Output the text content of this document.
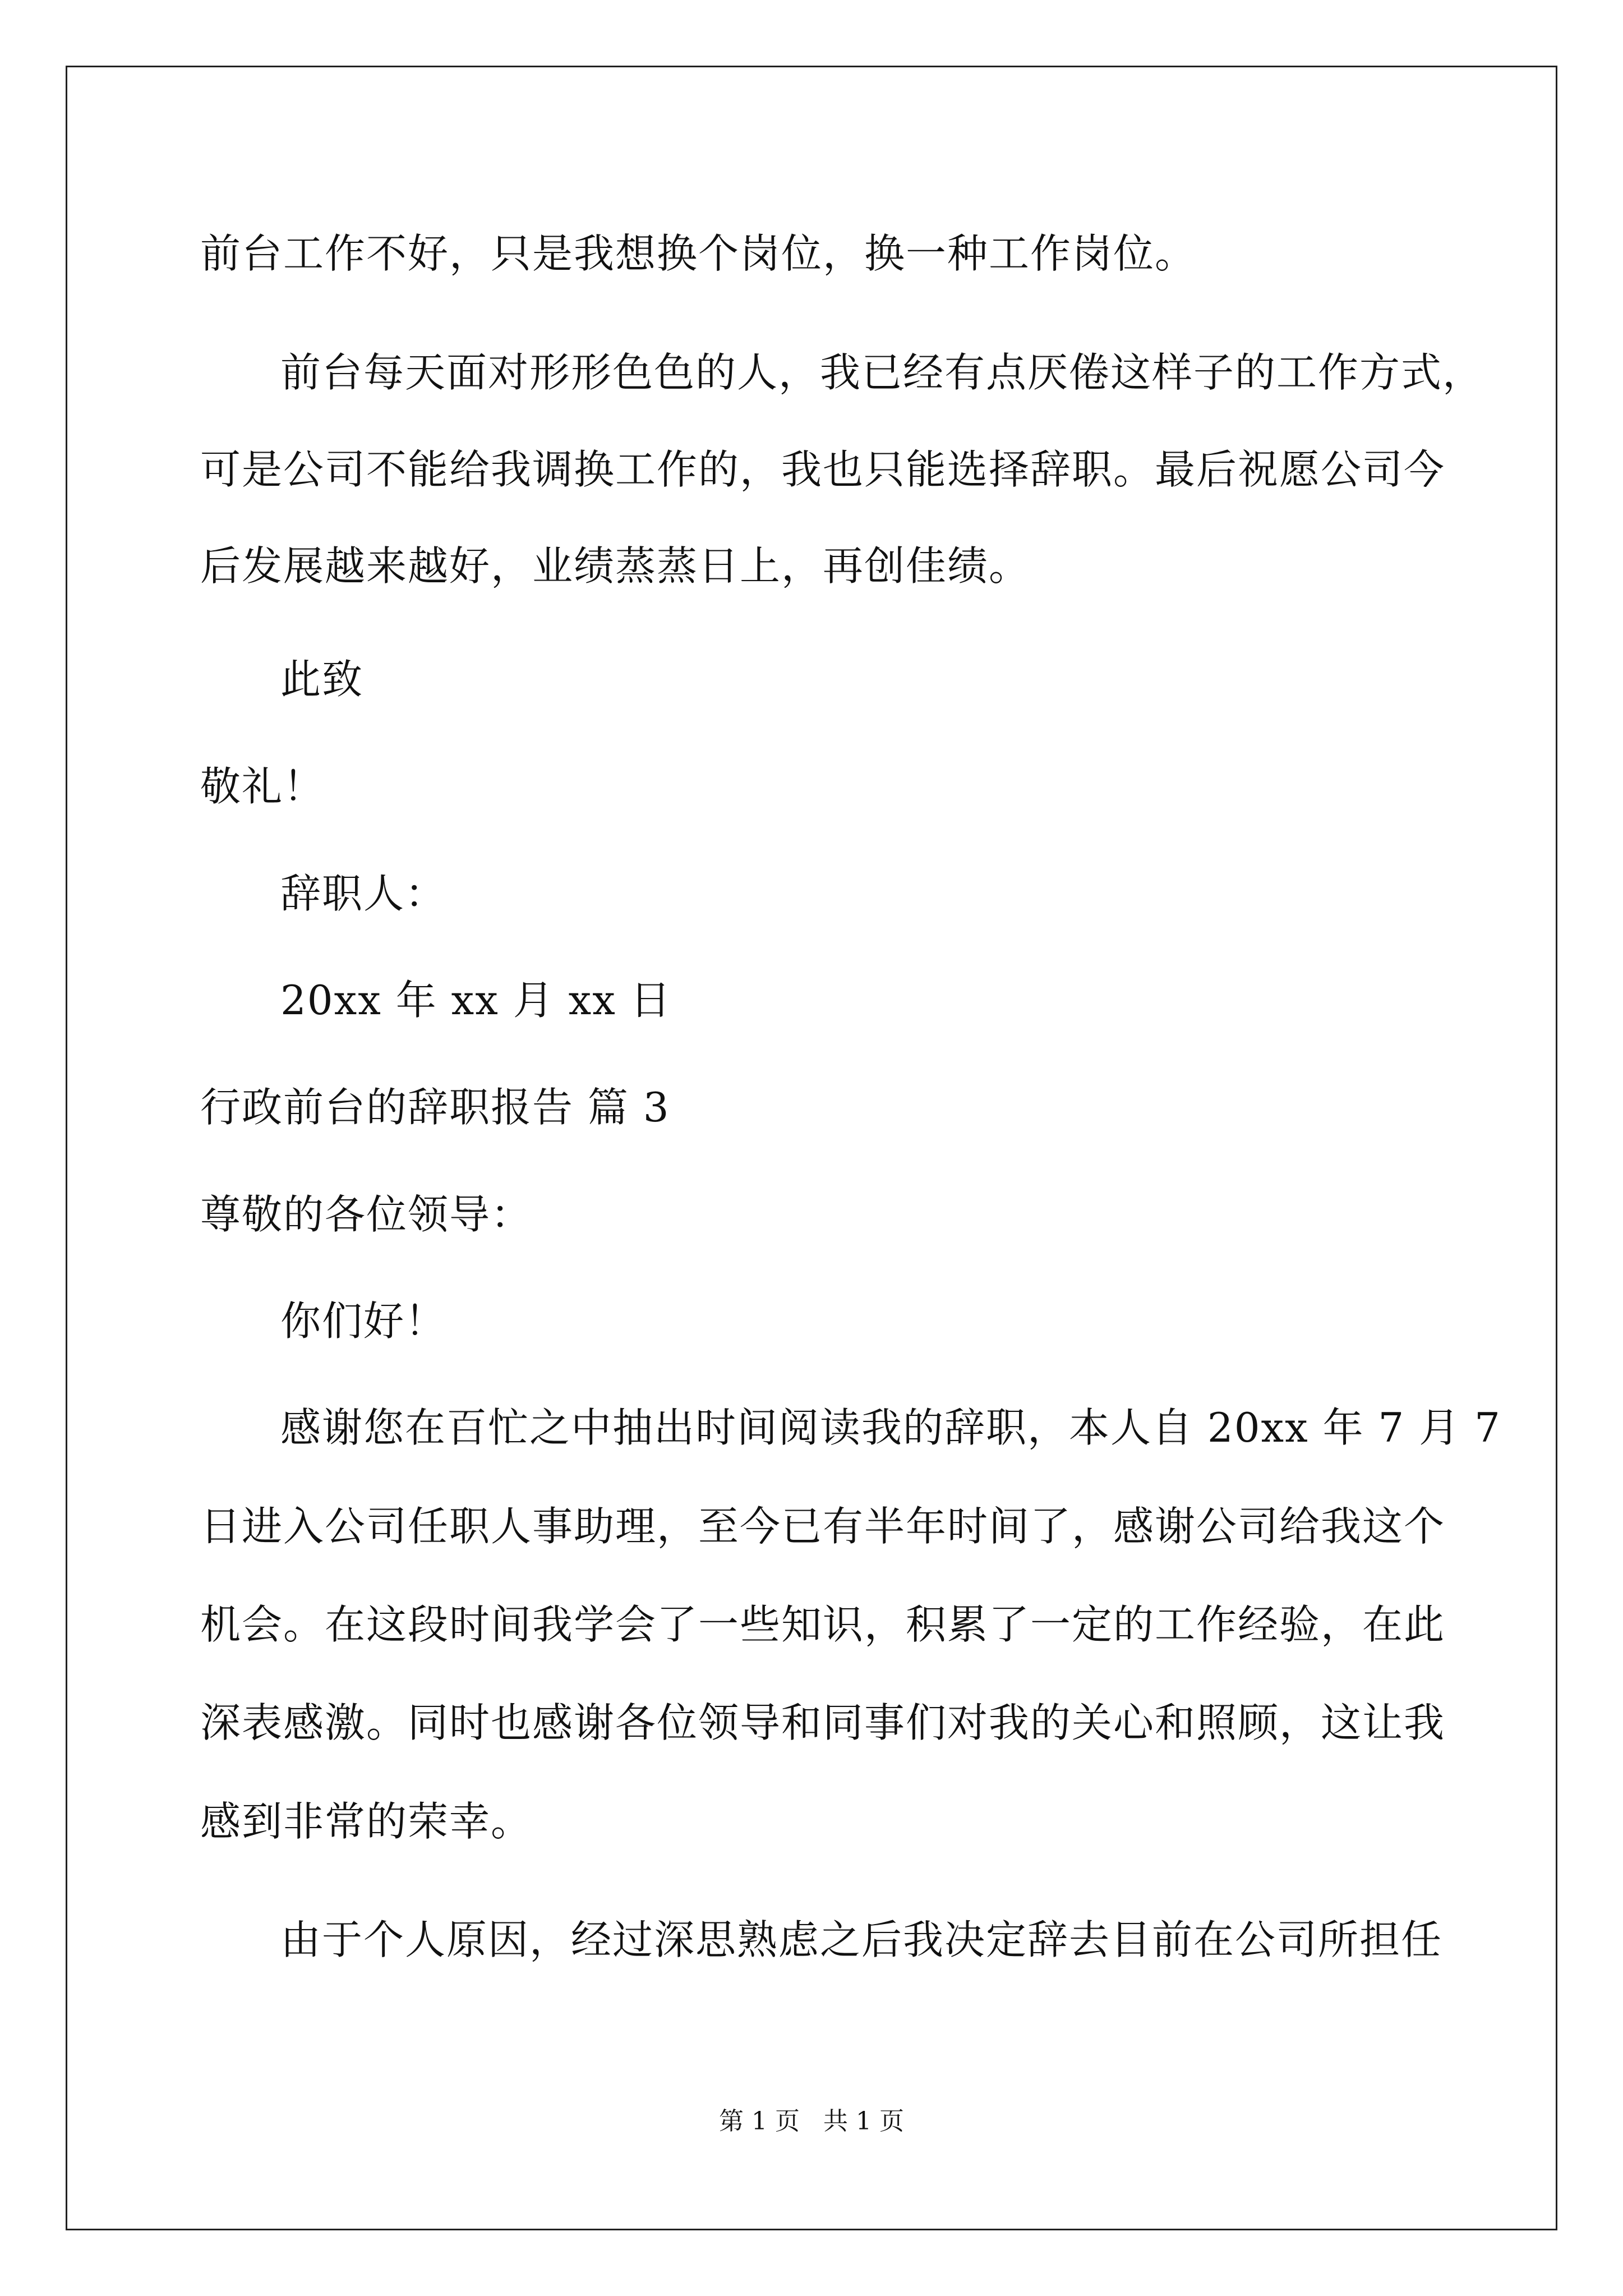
前台工作不好，只是我想换个岗位，换一种工作岗位。
前台每天面对形形色色的人，我已经有点厌倦这样子的工作方式，
可是公司不能给我调换工作的，我也只能选择辞职。最后祝愿公司今
后发展越来越好，业绩蒸蒸日上，再创佳绩。
此致
敬礼！
辞职人：
20xx 年 xx 月 xx 日
行政前台的辞职报告 篇 3
尊敬的各位领导：
你们好！
感谢您在百忙之中抽出时间阅读我的辞职，本人自 20xx 年 7 月 7
日进入公司任职人事助理，至今已有半年时间了，感谢公司给我这个
机会。在这段时间我学会了一些知识，积累了一定的工作经验，在此
深表感激。同时也感谢各位领导和同事们对我的关心和照顾，这让我
感到非常的荣幸。
由于个人原因，经过深思熟虑之后我决定辞去目前在公司所担任
第 1 页   共 1 页
